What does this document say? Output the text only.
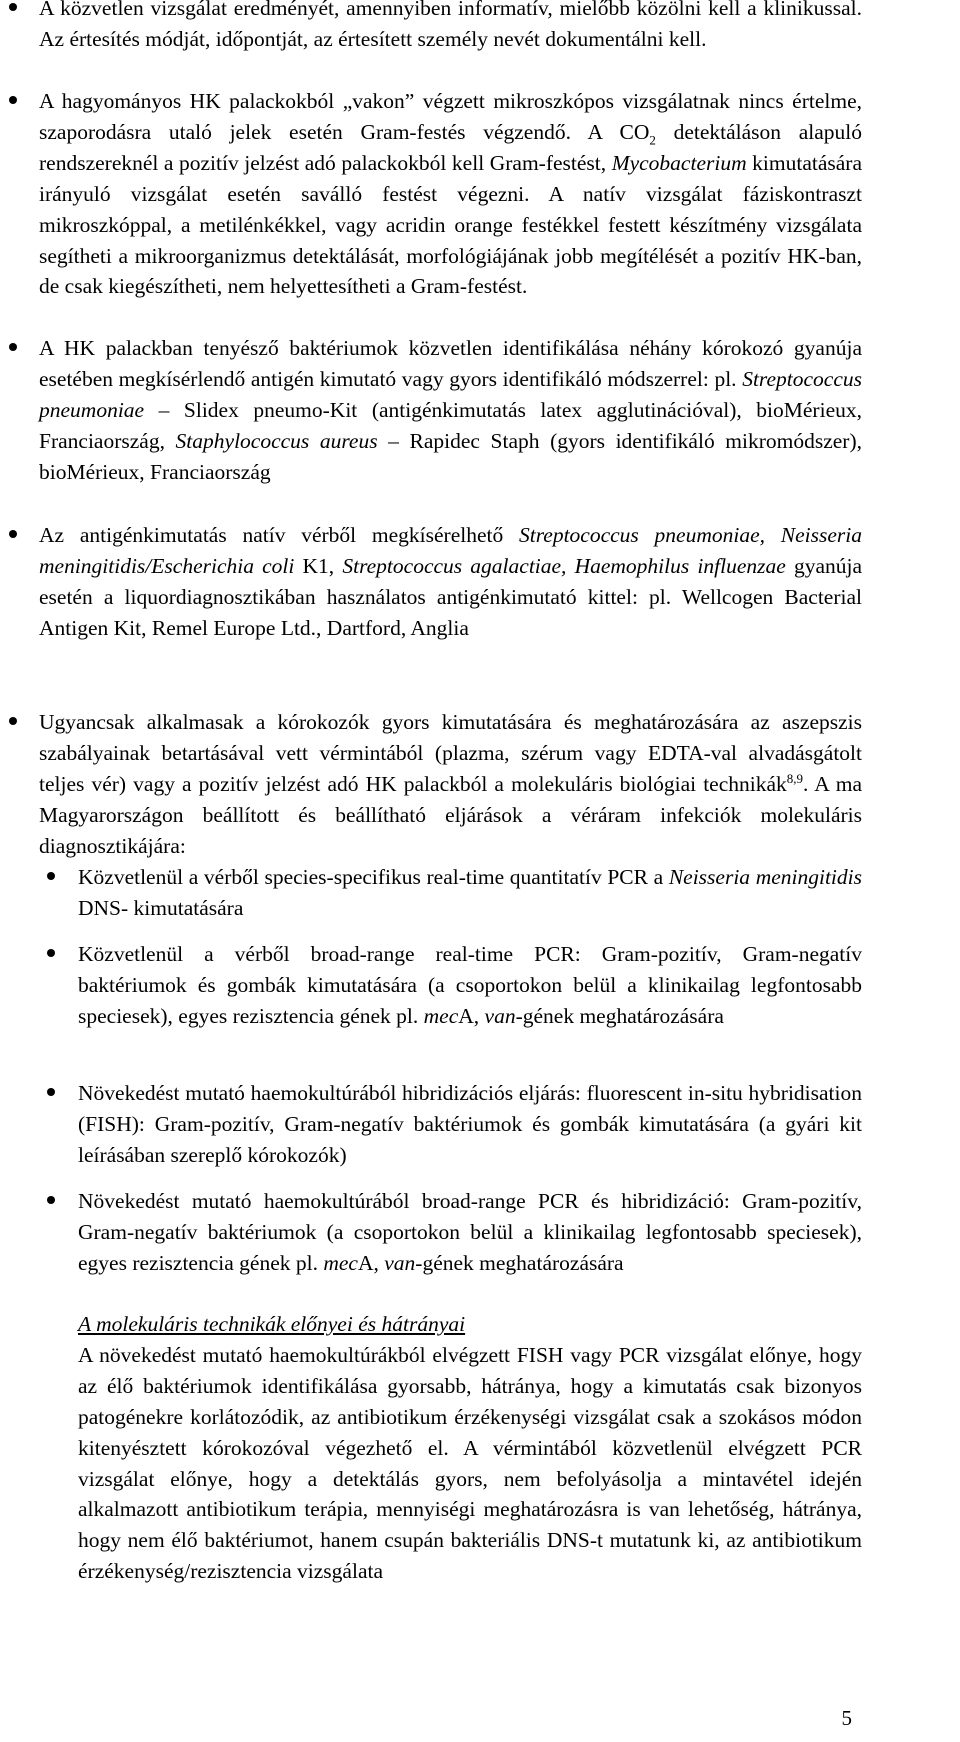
A közvetlen vizsgálat eredményét, amennyiben informatív, mielőbb közölni kell a klinikussal. Az értesítés módját, időpontját, az értesített személy nevét dokumentálni kell.

A hagyományos HK palackokból „vakon” végzett mikroszkópos vizsgálatnak nincs értelme, szaporodásra utaló jelek esetén Gram-festés végzendő. A $CO_2$ detektáláson alapuló rendszereknél a pozitív jelzést adó palackokból kell Gram-festést, Mycobacterium kimutatására irányuló vizsgálat esetén saválló festést végezni. A natív vizsgálat fáziskontraszt mikroszkóppal, a metilénkékkel, vagy acridin orange festékkel festett készítmény vizsgálata segítheti a mikroorganizmus detektálását, morfológiájának jobb megítélését a pozitív HK-ban, de csak kiegészítheti, nem helyettesítheti a Gram-festést.

A HK palackban tenyésző baktériumok közvetlen identifikálása néhány kórokozó gyanúja esetében megkísérlendő antigén kimutató vagy gyors identifikáló módszerrel: pl. Streptococcus pneumoniae – Slidex pneumo-Kit (antigénkimutatás latex agglutinációval), bioMérieux, Franciaország, Staphylococcus aureus – Rapidec Staph (gyors identifikáló mikromódszer), bioMérieux, Franciaország

Az antigénkimutatás natív vérből megkísérelhető Streptococcus pneumoniae, Neisseria meningitidis/Escherichia coli K1, Streptococcus agalactiae, Haemophilus influenzae gyanúja esetén a liquordiagnosztikában használatos antigénkimutató kittel: pl. Wellcogen Bacterial Antigen Kit, Remel Europe Ltd., Dartford, Anglia

Ugyancsak alkalmasak a kórokozók gyors kimutatására és meghatározására az aszepszis szabályainak betartásával vett vérmintából (plazma, szérum vagy EDTA-val alvadásgátolt teljes vér) vagy a pozitív jelzést adó HK palackból a molekuláris biológiai technikák$^{8,9}$. A ma Magyarországon beállított és beállítható eljárások a véráram infekciók molekuláris diagnosztikájára:

Közvetlenül a vérből species-specifikus real-time quantitatív PCR a Neisseria meningitidis DNS- kimutatására

Közvetlenül a vérből broad-range real-time PCR: Gram-pozitív, Gram-negatív baktériumok és gombák kimutatására (a csoportokon belül a klinikailag legfontosabb speciesek), egyes rezisztencia gének pl. mecA, van-gének meghatározására

Növekedést mutató haemokultúrából hibridizációs eljárás: fluorescent in-situ hybridisation (FISH): Gram-pozitív, Gram-negatív baktériumok és gombák kimutatására (a gyári kit leírásában szereplő kórokozók)

Növekedést mutató haemokultúrából broad-range PCR és hibridizáció: Gram-pozitív, Gram-negatív baktériumok (a csoportokon belül a klinikailag legfontosabb speciesek), egyes rezisztencia gének pl. mecA, van-gének meghatározására

A molekuláris technikák előnyei és hátrányai

A növekedést mutató haemokultúrákból elvégzett FISH vagy PCR vizsgálat előnye, hogy az élő baktériumok identifikálása gyorsabb, hátránya, hogy a kimutatás csak bizonyos patogénekre korlátozódik, az antibiotikum érzékenységi vizsgálat csak a szokásos módon kitenyésztett kórokozóval végezhető el. A vérmintából közvetlenül elvégzett PCR vizsgálat előnye, hogy a detektálás gyors, nem befolyásolja a mintavétel idején alkalmazott antibiotikum terápia, mennyiségi meghatározásra is van lehetőség, hátránya, hogy nem élő baktériumot, hanem csupán bakteriális DNS-t mutatunk ki, az antibiotikum érzékenység/rezisztencia vizsgálata

5
